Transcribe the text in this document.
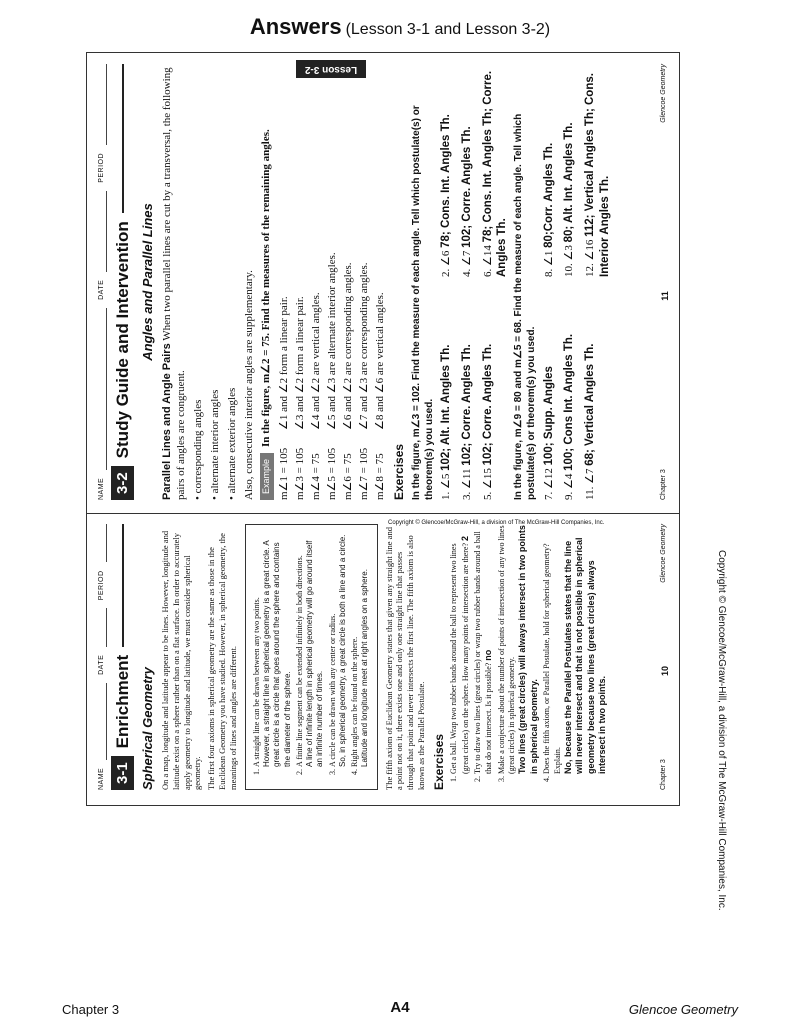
Answers (Lesson 3-1 and Lesson 3-2)
Lesson 3-2
NAME
DATE
PERIOD
3-2
Study Guide and Intervention Angles and Parallel Lines

Parallel Lines and Angle Pairs When two parallel lines are cut by a transversal, the following pairs of angles are congruent. • corresponding angles

• alternate interior angles

• alternate exterior angles Also, consecutive interior angles are supplementary. ExampleIn the figure, m∠2 = 75. Find the measures of the remaining angles.

m∠1 = 105
∠1 and ∠2 form a linear pair.
m∠3 = 105
∠3 and ∠2 form a linear pair.
m∠4 = 75
∠4 and ∠2 are vertical angles.
m∠5 = 105
∠5 and ∠3 are alternate interior angles.
m∠6 = 75
∠6 and ∠2 are corresponding angles.
m∠7 = 105
∠7 and ∠3 are corresponding angles.
m∠8 = 75
∠8 and ∠6 are vertical angles.
Exercises In the figure, m∠3 = 102. Find the measure of each angle. Tell which postulate(s) or theorem(s) you used. 1. ∠5 102; Alt. Int. Angles Th.
2. ∠6 78; Cons. Int. Angles Th.
3. ∠11 102; Corre. Angles Th.
4. ∠7 102; Corre. Angles Th.
5. ∠15 102; Corre. Angles Th.
6. ∠14 78; Cons. Int. Angles Th; Corre. Angles Th. In the figure, m∠9 = 80 and m∠5 = 68. Find the measure of each angle. Tell which postulate(s) or theorem(s) you used. 7. ∠12 100; Supp. Angles
8. ∠1 80;Corr. Angles Th.
9. ∠4 100; Cons Int. Angles Th.
10. ∠3 80; Alt. Int. Angles Th.
11. ∠7 68; Vertical Angles Th.
12. ∠16 112; Vertical Angles Th; Cons. Interior Angles Th.
Chapter 3
11
Glencoe Geometry
NAME
DATE
PERIOD
3-1
Enrichment Spherical Geometry On a map, longitude and latitude appear to be lines. However, longitude and latitude exist on a sphere rather than on a flat surface. In order to accurately apply geometry to longitude and latitude, we must consider spherical geometry. The first four axioms in spherical geometry are the same as those in the Euclidean Geometry you have studied. However, in spherical geometry, the meanings of lines and angles are different. 1. A straight line can be drawn between any two points.
However, a straight line in spherical geometry is a great circle. A great circle is a circle that goes around the sphere and contains the diameter of the sphere. 2. A finite line segment can be extended infinitely in both directions.
A line of infinite length in spherical geometry will go around itself an infinite number of times. 3. A circle can be drawn with any center or radius.
So, in spherical geometry, a great circle is both a line and a circle. 4. Right angles can be found on the sphere.
Latitude and longitude meet at right angles on a sphere. The fifth axiom of Euclidean Geometry states that given any straight line and a point not on it, there exists one and only one straight line that passes through that point and never intersects the first line. The fifth axiom is also known as the Parallel Postulate. Exercises 1. Get a ball. Wrap two rubber bands around the ball to represent two lines (great circles) on the sphere. How many points of intersection are there? 2 2. Try to draw two lines (great circles) or wrap two rubber bands around a ball that do not intersect. Is it possible? no 3. Make a conjecture about the number of points of intersection of any two lines (great circles) in spherical geometry.
Two lines (great circles) will always intersect in two points in spherical geometry. 4. Does the fifth axiom, or Parallel Postulate, hold for spherical geometry? Explain.
No, because the Parallel Postulates states that the line will never intersect and that is not possible in spherical geometry because two lines (great circles) always intersect in two points.
Chapter 3
10
Glencoe Geometry
Copyright © Glencoe/McGraw-Hill, a division of The McGraw-Hill Companies, Inc.
Copyright © Glencoe/McGraw-Hill, a division of The McGraw-Hill Companies, Inc.
Chapter 3	A4	Glencoe Geometry
